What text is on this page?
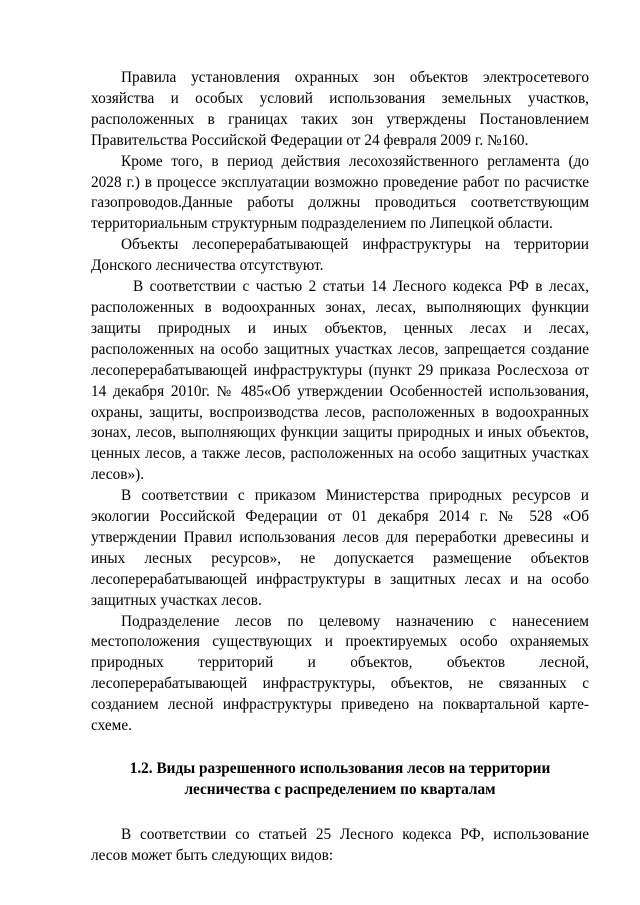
Правила установления охранных зон объектов электросетевого хозяйства и особых условий использования земельных участков, расположенных в границах таких зон утверждены Постановлением Правительства Российской Федерации от 24 февраля 2009 г. №160.

Кроме того, в период действия лесохозяйственного регламента (до 2028 г.) в процессе эксплуатации возможно проведение работ по расчистке газопроводов.Данные работы должны проводиться соответствующим территориальным структурным подразделением по Липецкой области.

Объекты лесоперерабатывающей инфраструктуры на территории Донского лесничества отсутствуют.

В соответствии с частью 2 статьи 14 Лесного кодекса РФ в лесах, расположенных в водоохранных зонах, лесах, выполняющих функции защиты природных и иных объектов, ценных лесах и лесах, расположенных на особо защитных участках лесов, запрещается создание лесоперерабатывающей инфраструктуры (пункт 29 приказа Рослесхоза от 14 декабря 2010г. № 485«Об утверждении Особенностей использования, охраны, защиты, воспроизводства лесов, расположенных в водоохранных зонах, лесов, выполняющих функции защиты природных и иных объектов, ценных лесов, а также лесов, расположенных на особо защитных участках лесов»).

В соответствии с приказом Министерства природных ресурсов и экологии Российской Федерации от 01 декабря 2014 г. № 528 «Об утверждении Правил использования лесов для переработки древесины и иных лесных ресурсов», не допускается размещение объектов лесоперерабатывающей инфраструктуры в защитных лесах и на особо защитных участках лесов.

Подразделение лесов по целевому назначению с нанесением местоположения существующих и проектируемых особо охраняемых природных территорий и объектов, объектов лесной, лесоперерабатывающей инфраструктуры, объектов, не связанных с созданием лесной инфраструктуры приведено на поквартальной карте-схеме.

1.2. Виды разрешенного использования лесов на территории

лесничества с распределением по кварталам

В соответствии со статьей 25 Лесного кодекса РФ, использование лесов может быть следующих видов:
